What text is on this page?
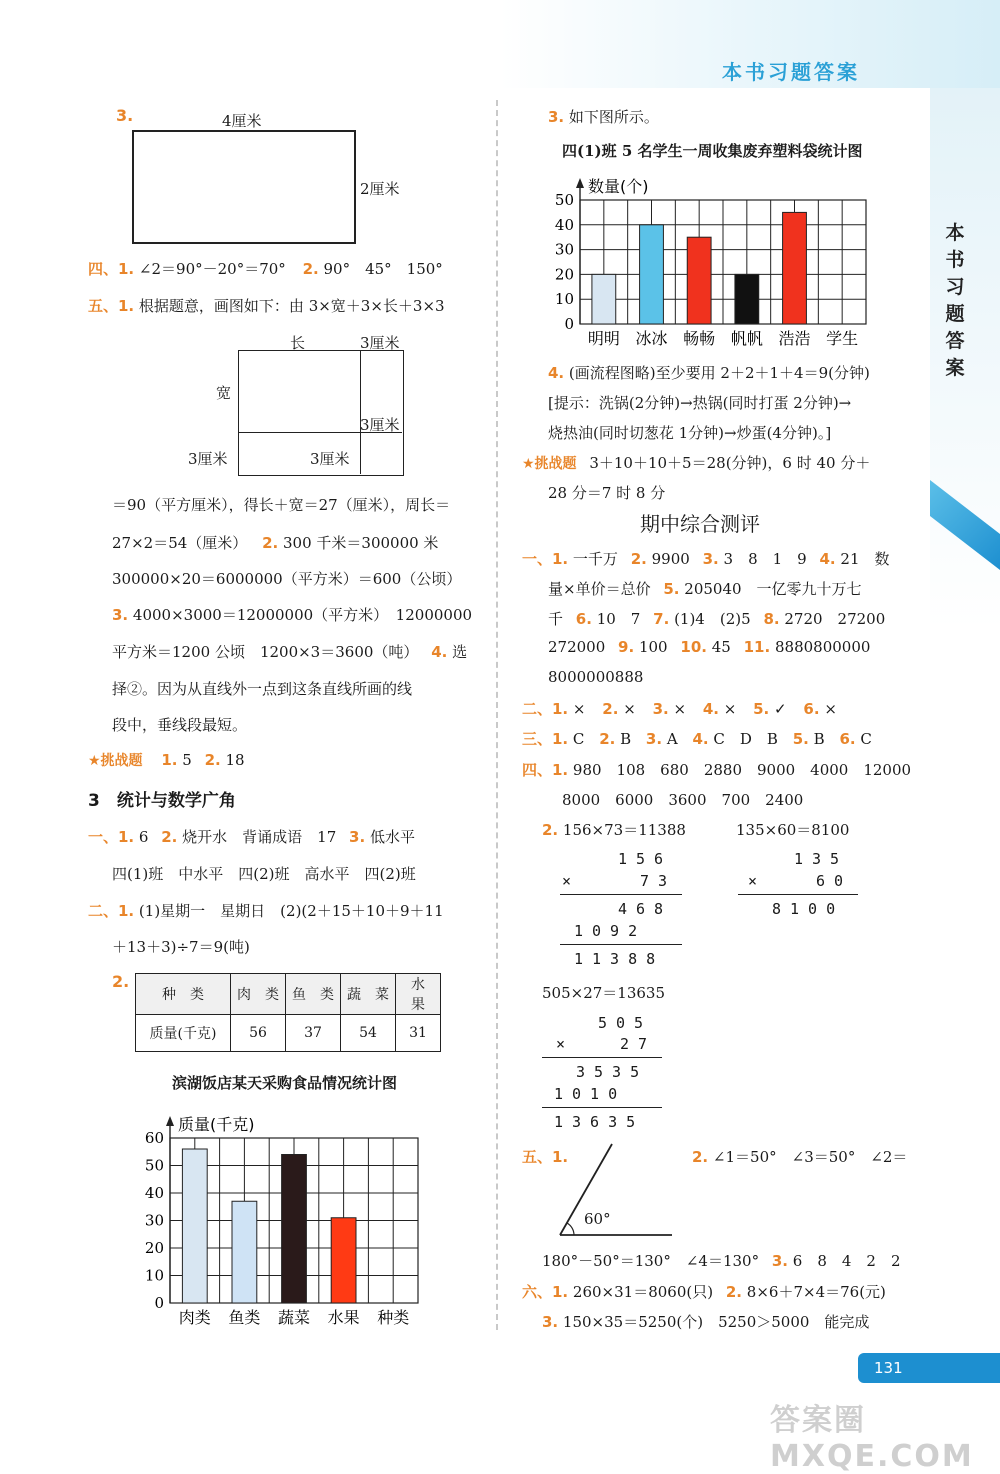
本书习题答案
本书习题答案
3.	4厘米
2厘米
四、1. ∠2＝90°－20°＝70° 2. 90°　45°　150°
五、1. 根据题意，画图如下：由 3×宽＋3×长＋3×3
长	3厘米
宽
3厘米
3厘米	3厘米
＝90（平方厘米），得长＋宽＝27（厘米），周长＝
27×2＝54（厘米） 2. 300 千米＝300000 米
300000×20＝6000000（平方米）＝600（公顷）
3. 4000×3000＝12000000（平方米）　12000000
平方米＝1200 公顷　1200×3＝3600（吨） 4. 选
择②。因为从直线外一点到这条直线所画的线
段中，垂线段最短。
★挑战题 1. 5 2. 18
3　统计与数学广角
一、1. 6 2. 烧开水　背诵成语　17 3. 低水平
四(1)班　中水平　四(2)班　高水平　四(2)班
二、1. (1)星期一　星期日　(2)(2＋15＋10＋9＋11
＋13＋3)÷7＝9(吨)
2.
种　类	肉　类	鱼　类	蔬　菜	水　果
质量(千克)	56	37	54	31
滨湖饭店某天采购食品情况统计图
0
10
20
30
40
50
60
肉类 鱼类 蔬菜 水果 种类
质量(千克)
3. 如下图所示。
四(1)班 5 名学生一周收集废弃塑料袋统计图
0
10
20
30
40
50
明明 冰冰 畅畅 帆帆 浩浩 学生
数量(个)
4. (画流程图略)至少要用 2＋2＋1＋4＝9(分钟)
[提示：洗锅(2分钟)→热锅(同时打蛋 2分钟)→
烧热油(同时切葱花 1分钟)→炒蛋(4分钟)。]
★挑战题 3＋10＋10＋5＝28(分钟)，6 时 40 分＋
28 分＝7 时 8 分
期中综合测评
一、1. 一千万 2. 9900 3. 3　8　1　9 4. 21　数
量×单价＝总价 5. 205040　一亿零九十万七
千 6. 10　7 7. (1)4　(2)5 8. 2720　27200
272000 9. 100 10. 45 11. 8880800000
8000000888
二、1. × 2. × 3. × 4. × 5. ✓ 6. ×
三、1. C 2. B 3. A 4. C　D　B 5. B 6. C
四、1. 980　108　680　2880　9000　4000　12000
8000　6000　3600　700　2400
2. 156×73＝11388	135×60＝8100
156
×	73
468
1092
11388
135
×	60
8100
505×27＝13635
505
×	27
3535
1010
13635
五、1.
60°
2. ∠1＝50°　∠3＝50°　∠2＝
180°－50°＝130°　∠4＝130° 3. 6　8　4　2　2
六、1. 260×31＝8060(只) 2. 8×6＋7×4＝76(元)
3. 150×35＝5250(个)　5250＞5000　能完成
131
答案圈 MXQE.COM
